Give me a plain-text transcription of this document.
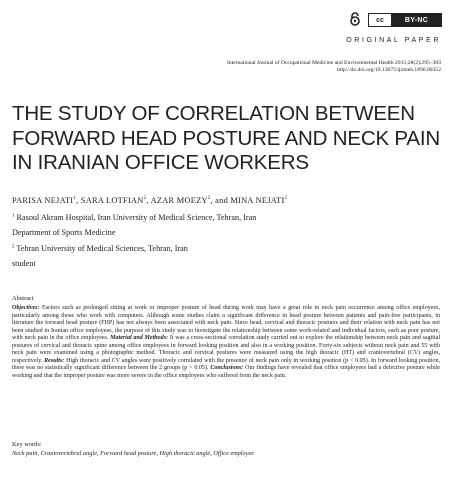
cc	BY-NC
ORIGINAL PAPER
International Journal of Occupational Medicine and Environmental Health 2015;28(2):295–303
http://dx.doi.org/10.13075/ijomeh.1896.00352
THE STUDY OF CORRELATION BETWEEN
FORWARD HEAD POSTURE AND NECK PAIN
IN IRANIAN OFFICE WORKERS
PARISA NEJATI$^1$, SARA LOTFIAN$^2$, AZAR MOEZY$^2$, and MINA NEJATI$^2$
$^1$ Rasoul Akram Hospital, Iran University of Medical Science, Tehran, Iran
Department of Sports Medicine
$^2$ Tehran University of Medical Sciences, Tehran, Iran
student
Abstract
Objectives: Factors such as prolonged sitting at work or improper posture of head during work may have a great role in neck pain occurrence among office employees, particularly among those who work with computers. Although some studies claim a significant difference in head posture between patients and pain-free participants, in literature the forward head posture (FHP) has not always been associated with neck pain. Since head, cervical and thoracic postures and their relation with neck pain has not been studied in Iranian office employees, the purpose of this study was to investigate the relationship between some work-related and individual factors, such as poor posture, with neck pain in the office employees. Material and Methods: It was a cross-sectional correlation study carried out to explore the relationship between neck pain and sagittal postures of cervical and thoracic spine among office employees in forward looking position and also in a working position. Forty-six subjects without neck pain and 55 with neck pain were examined using a photographic method. Thoracic and cervical postures were measured using the high thoracic (HT) and craniovertebral (CV) angles, respectively. Results: High thoracic and CV angles were positively correlated with the presence of neck pain only in working position (p < 0.05). In forward looking position, there was no statistically significant difference between the 2 groups (p > 0.05). Conclusions: Our findings have revealed that office employees had a defective posture while working and that the improper posture was more severe in the office employees who suffered from the neck pain.
Key words:
Neck pain, Craniovertebral angle, Forward head posture, High thoracic angle, Office employee
